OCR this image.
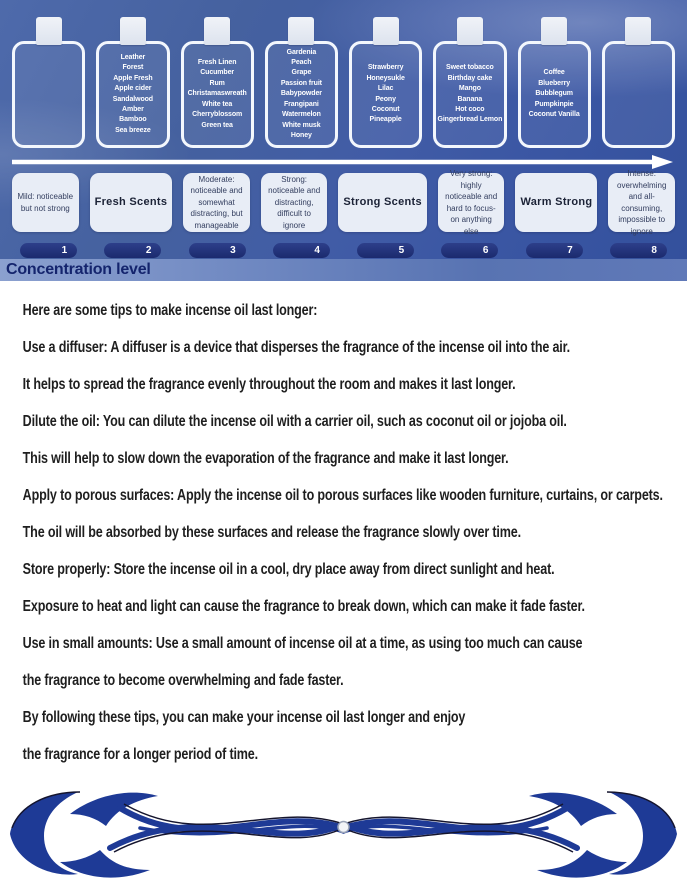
Leather
Forest
Apple Fresh
Apple cider
Sandalwood
Amber
Bamboo
Sea breeze
Fresh Linen
Cucumber
Rum
Christamaswreath
White tea
Cherryblossom
Green tea
Gardenia
Peach
Grape
Passion fruit
Babypowder
Frangipani
Watermelon
White musk
Honey
Strawberry
Honeysukle
Lilac
Peony
Coconut
Pineapple
Sweet tobacco
Birthday cake
Mango
Banana
Hot coco
Gingerbread Lemon
Coffee
Blueberry
Bubblegum
Pumpkinpie
Coconut Vanilla
Mild: noticeable but not strong
Fresh Scents
Moderate: noticeable and somewhat distracting, but manageable
Strong: noticeable and distracting, difficult to ignore
Strong Scents
Very strong: highly noticeable and hard to focus- on anything else
Warm Strong
Intense: overwhelming and all-consuming, impossible to ignore
1	2	3	4	5	6	7	8
Concentration level

Here are some tips to make incense oil last longer:

Use a diffuser: A diffuser is a device that disperses the fragrance of the incense oil into the air.

It helps to spread the fragrance evenly throughout the room and makes it last longer.

Dilute the oil: You can dilute the incense oil with a carrier oil, such as coconut oil or jojoba oil.

This will help to slow down the evaporation of the fragrance and make it last longer.

Apply to porous surfaces: Apply the incense oil to porous surfaces like wooden furniture, curtains, or carpets.

The oil will be absorbed by these surfaces and release the fragrance slowly over time.

Store properly: Store the incense oil in a cool, dry place away from direct sunlight and heat.

Exposure to heat and light can cause the fragrance to break down, which can make it fade faster.

Use in small amounts: Use a small amount of incense oil at a time, as using too much can cause

the fragrance to become overwhelming and fade faster.

By following these tips, you can make your incense oil last longer and enjoy

the fragrance for a longer period of time.
